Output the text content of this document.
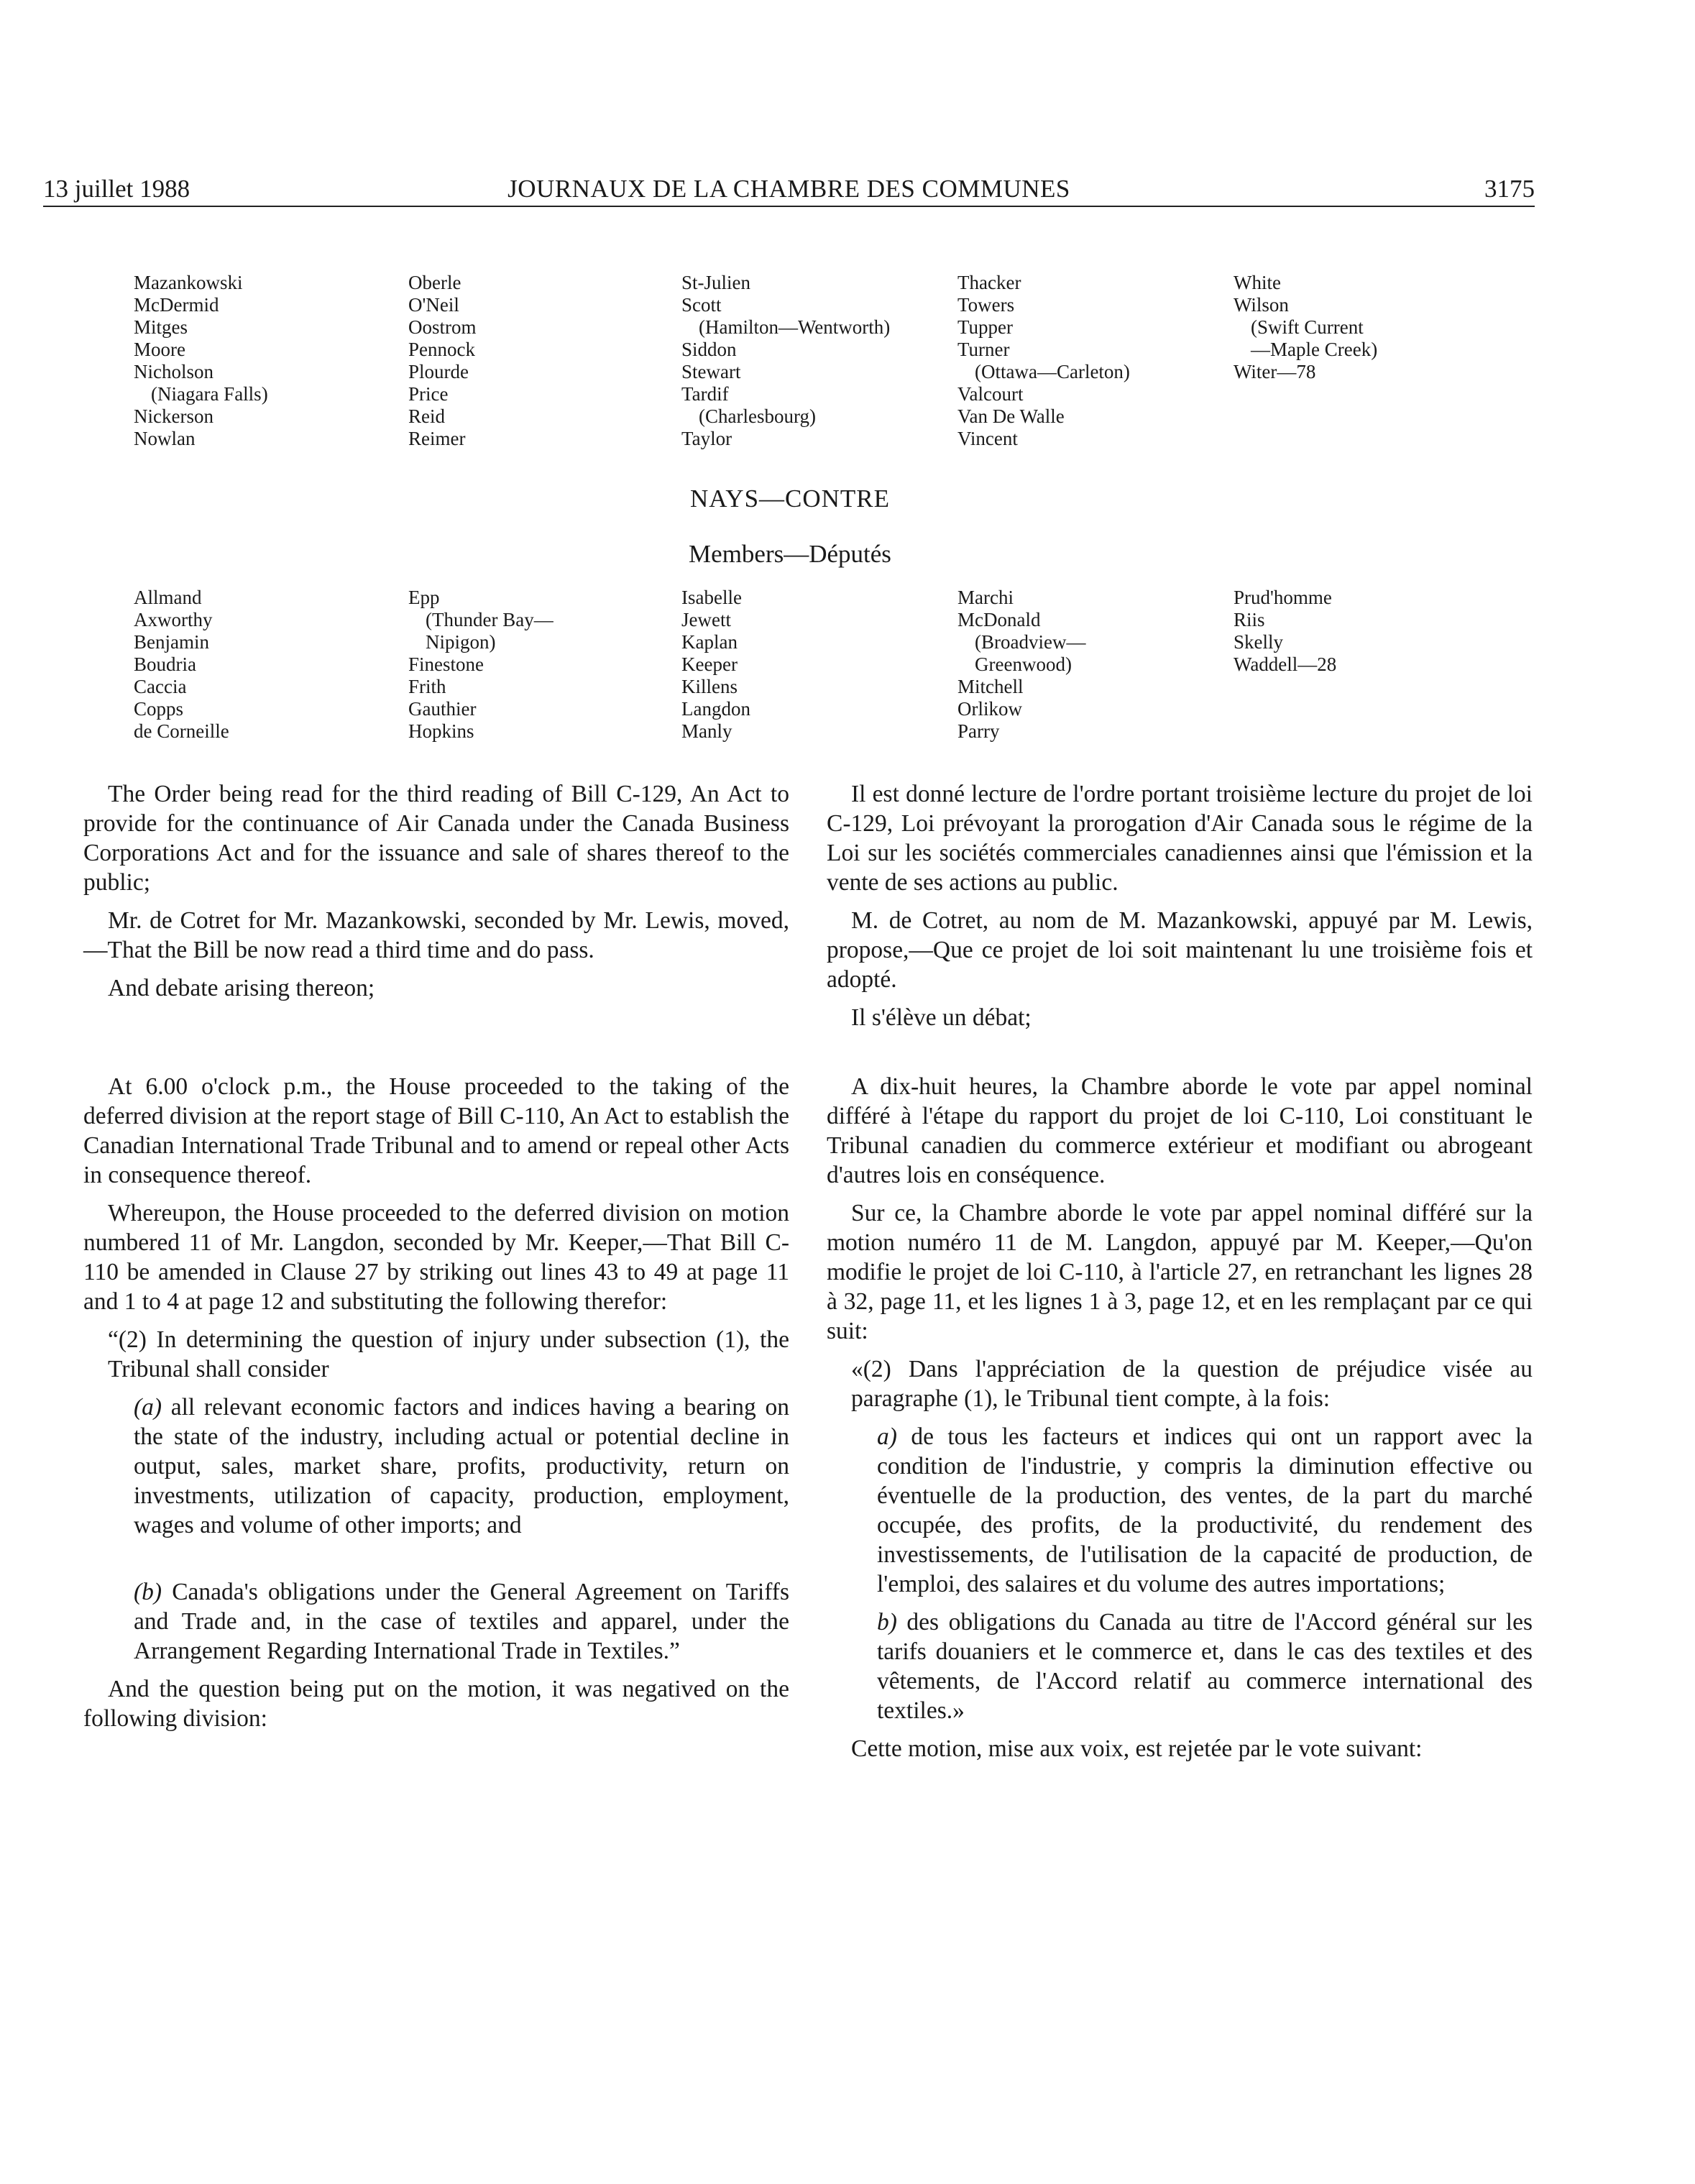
13 juillet 1988	JOURNAUX DE LA CHAMBRE DES COMMUNES	3175
Mazankowski
McDermid
Mitges
Moore
Nicholson
(Niagara Falls)
Nickerson
Nowlan
Oberle
O'Neil
Oostrom
Pennock
Plourde
Price
Reid
Reimer
St-Julien
Scott
(Hamilton—Wentworth)
Siddon
Stewart
Tardif
(Charlesbourg)
Taylor
Thacker
Towers
Tupper
Turner
(Ottawa—Carleton)
Valcourt
Van De Walle
Vincent
White
Wilson
(Swift Current
—Maple Creek)
Witer—78
NAYS—CONTRE
Members—Députés
Allmand
Axworthy
Benjamin
Boudria
Caccia
Copps
de Corneille
Epp
(Thunder Bay—
Nipigon)
Finestone
Frith
Gauthier
Hopkins
Isabelle
Jewett
Kaplan
Keeper
Killens
Langdon
Manly
Marchi
McDonald
(Broadview—
Greenwood)
Mitchell
Orlikow
Parry
Prud'homme
Riis
Skelly
Waddell—28

The Order being read for the third reading of Bill C-129, An Act to provide for the continuance of Air Canada under the Canada Business Corporations Act and for the issuance and sale of shares thereof to the public;

Mr. de Cotret for Mr. Mazankowski, seconded by Mr. Lewis, moved,—That the Bill be now read a third time and do pass.

And debate arising thereon;

Il est donné lecture de l'ordre portant troisième lecture du projet de loi C-129, Loi prévoyant la prorogation d'Air Canada sous le régime de la Loi sur les sociétés commerciales canadiennes ainsi que l'émission et la vente de ses actions au public.

M. de Cotret, au nom de M. Mazankowski, appuyé par M. Lewis, propose,—Que ce projet de loi soit maintenant lu une troisième fois et adopté.

Il s'élève un débat;

At 6.00 o'clock p.m., the House proceeded to the taking of the deferred division at the report stage of Bill C-110, An Act to establish the Canadian International Trade Tribunal and to amend or repeal other Acts in consequence thereof.

Whereupon, the House proceeded to the deferred division on motion numbered 11 of Mr. Langdon, seconded by Mr. Keeper,—That Bill C-110 be amended in Clause 27 by striking out lines 43 to 49 at page 11 and 1 to 4 at page 12 and substituting the following therefor:

“(2) In determining the question of injury under subsection (1), the Tribunal shall consider

(a) all relevant economic factors and indices having a bearing on the state of the industry, including actual or potential decline in output, sales, market share, profits, productivity, return on investments, utilization of capacity, production, employment, wages and volume of other imports; and

(b) Canada's obligations under the General Agreement on Tariffs and Trade and, in the case of textiles and apparel, under the Arrangement Regarding International Trade in Textiles.”

And the question being put on the motion, it was negatived on the following division:

A dix-huit heures, la Chambre aborde le vote par appel nominal différé à l'étape du rapport du projet de loi C-110, Loi constituant le Tribunal canadien du commerce extérieur et modifiant ou abrogeant d'autres lois en conséquence.

Sur ce, la Chambre aborde le vote par appel nominal différé sur la motion numéro 11 de M. Langdon, appuyé par M. Keeper,—Qu'on modifie le projet de loi C-110, à l'article 27, en retranchant les lignes 28 à 32, page 11, et les lignes 1 à 3, page 12, et en les remplaçant par ce qui suit:

«(2) Dans l'appréciation de la question de préjudice visée au paragraphe (1), le Tribunal tient compte, à la fois:

a) de tous les facteurs et indices qui ont un rapport avec la condition de l'industrie, y compris la diminution effective ou éventuelle de la production, des ventes, de la part du marché occupée, des profits, de la productivité, du rendement des investissements, de l'utilisation de la capacité de production, de l'emploi, des salaires et du volume des autres importations;

b) des obligations du Canada au titre de l'Accord général sur les tarifs douaniers et le commerce et, dans le cas des textiles et des vêtements, de l'Accord relatif au commerce international des textiles.»

Cette motion, mise aux voix, est rejetée par le vote suivant:
